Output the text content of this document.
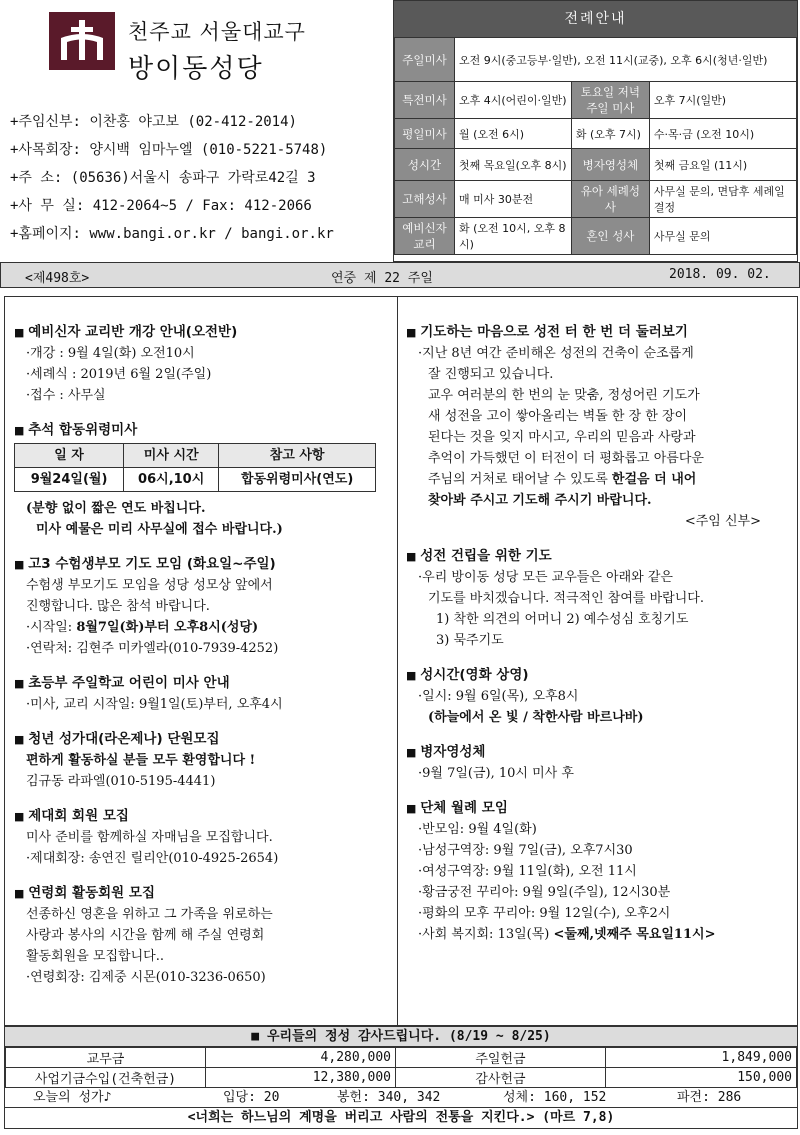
천주교 서울대교구
방이동성당
+주임신부: 이찬홍 야고보 (02-412-2014)
+사목회장: 양시백 임마누엘 (010-5221-5748)
+주 소: (05636)서울시 송파구 가락로42길 3
+사 무 실: 412-2064~5 / Fax: 412-2066
+홈페이지: www.bangi.or.kr / bangi.or.kr
전례안내
주일미사	오전 9시(중고등부·일반), 오전 11시(교중), 오후 6시(청년·일반)		
특전미사	오후 4시(어린이·일반)	토요일 저녁 주일 미사	오후 7시(일반)
평일미사	월 (오전 6시)	화 (오후 7시)	수·목·금 (오전 10시)
성시간	첫째 목요일(오후 8시)	병자영성체	첫째 금요일 (11시)
고해성사	매 미사 30분전	유아 세례성사	사무실 문의, 면담후 세례일 결정
예비신자 교리	화 (오전 10시, 오후 8시)	혼인 성사	사무실 문의
<제498호>	연중 제 22 주일	2018. 09. 02.
■ 예비신자 교리반 개강 안내(오전반)
·개강 : 9월 4일(화) 오전10시
·세례식 : 2019년 6월 2일(주일)
·접수 : 사무실
■ 추석 합동위령미사
일 자	미사 시간	참고 사항
9월24일(월)	06시,10시	합동위령미사(연도)
(분향 없이 짧은 연도 바칩니다.
미사 예물은 미리 사무실에 접수 바랍니다.)
■ 고3 수험생부모 기도 모임 (화요일~주일)
수험생 부모기도 모임을 성당 성모상 앞에서
진행합니다. 많은 참석 바랍니다.
·시작일: 8월7일(화)부터 오후8시(성당)
·연락처: 김현주 미카엘라(010-7939-4252)
■ 초등부 주일학교 어린이 미사 안내
·미사, 교리 시작일: 9월1일(토)부터, 오후4시
■ 청년 성가대(라온제나) 단원모집
편하게 활동하실 분들 모두 환영합니다 !
김규동 라파엘(010-5195-4441)
■ 제대회 회원 모집
미사 준비를 함께하실 자매님을 모집합니다.
·제대회장: 송연진 릴리안(010-4925-2654)
■ 연령회 활동회원 모집
선종하신 영혼을 위하고 그 가족을 위로하는
사랑과 봉사의 시간을 함께 해 주실 연령회
활동회원을 모집합니다..
·연령회장: 김제중 시몬(010-3236-0650)
■ 기도하는 마음으로 성전 터 한 번 더 둘러보기
·지난 8년 여간 준비해온 성전의 건축이 순조롭게
잘 진행되고 있습니다.
교우 여러분의 한 번의 눈 맞춤, 정성어린 기도가
새 성전을 고이 쌓아올리는 벽돌 한 장 한 장이
된다는 것을 잊지 마시고, 우리의 믿음과 사랑과
추억이 가득했던 이 터전이 더 평화롭고 아름다운
주님의 거처로 태어날 수 있도록 한걸음 더 내어
찾아봐 주시고 기도해 주시기 바랍니다.
<주임 신부>
■ 성전 건립을 위한 기도
·우리 방이동 성당 모든 교우들은 아래와 같은
기도를 바치겠습니다. 적극적인 참여를 바랍니다.
1) 착한 의견의 어머니 2) 예수성심 호칭기도
3) 묵주기도
■ 성시간(영화 상영)
·일시: 9월 6일(목), 오후8시
(하늘에서 온 빛 / 착한사람 바르나바)
■ 병자영성체
·9월 7일(금), 10시 미사 후
■ 단체 월례 모임
·반모임: 9월 4일(화)
·남성구역장: 9월 7일(금), 오후7시30
·여성구역장: 9월 11일(화), 오전 11시
·황금궁전 꾸리아: 9월 9일(주일), 12시30분
·평화의 모후 꾸리아: 9월 12일(수), 오후2시
·사회 복지회: 13일(목) <둘째,넷째주 목요일11시>
■ 우리들의 정성 감사드립니다. (8/19 ~ 8/25)
교무금	4,280,000	주일헌금	1,849,000
사업기금수입(건축헌금)	12,380,000	감사헌금	150,000
오늘의 성가♪	입당: 20	봉헌: 340, 342	성체: 160, 152	파견: 286
<너희는 하느님의 계명을 버리고 사람의 전통을 지킨다.> (마르 7,8)
